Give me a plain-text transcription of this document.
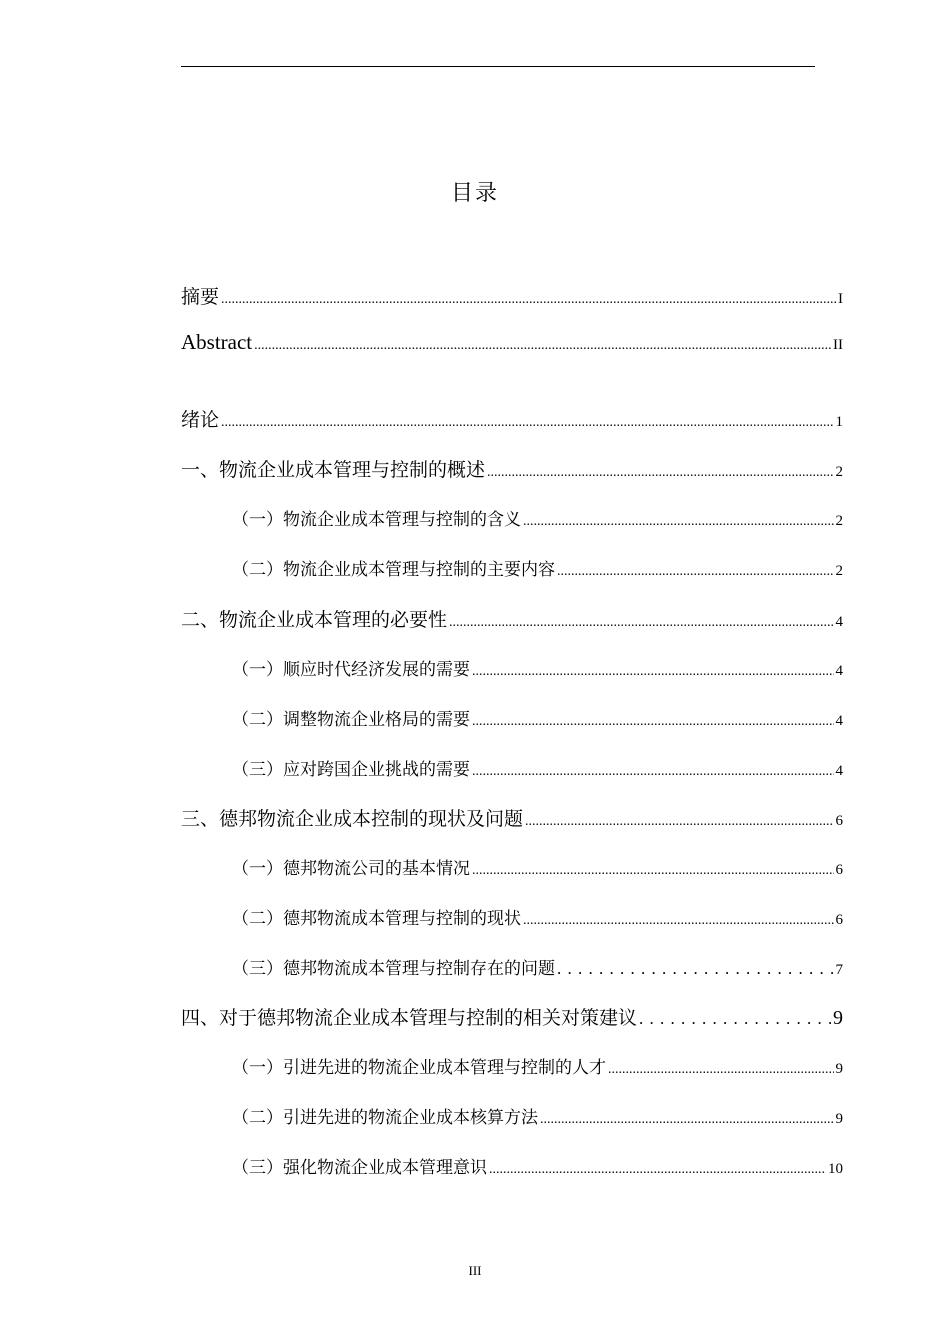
目录
摘要 .....	I
Abstract .....	II
绪论 .....	1
一、物流企业成本管理与控制的概述 .....	2
（一）物流企业成本管理与控制的含义 .....	2
（二）物流企业成本管理与控制的主要内容 .....	2
二、物流企业成本管理的必要性 .....	4
（一）顺应时代经济发展的需要 .....	4
（二）调整物流企业格局的需要 .....	4
（三）应对跨国企业挑战的需要 .....	4
三、德邦物流企业成本控制的现状及问题 .....	6
（一）德邦物流公司的基本情况 .....	6
（二）德邦物流成本管理与控制的现状 .....	6
（三）德邦物流成本管理与控制存在的问题 . . .	7
四、对于德邦物流企业成本管理与控制的相关对策建议 . . .	9
（一）引进先进的物流企业成本管理与控制的人才 .....	9
（二）引进先进的物流企业成本核算方法 .....	9
（三）强化物流企业成本管理意识 .....	10
III
